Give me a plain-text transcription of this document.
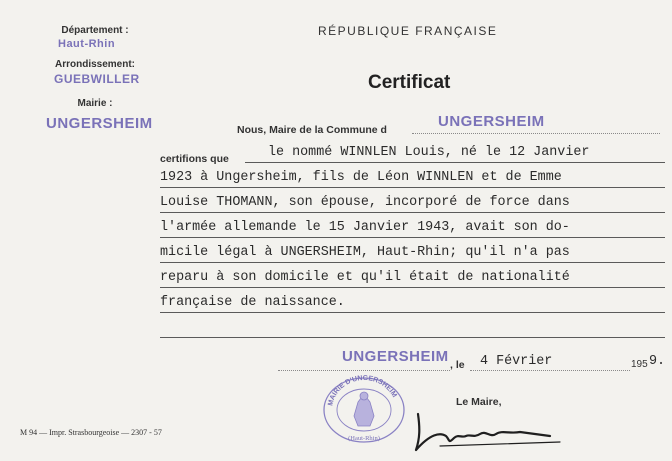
Département :
Haut-Rhin
Arrondissement:
GUEBWILLER
Mairie :
UNGERSHEIM
RÉPUBLIQUE FRANÇAISE
Certificat
Nous, Maire de la Commune d	UNGERSHEIM
certifions que	le nommé WINNLEN Louis, né le 12 Janvier
1923 à Ungersheim, fils de Léon WINNLEN et de Emme
Louise THOMANN, son épouse, incorporé de force dans
l'armée allemande le 15 Janvier 1943, avait son do-
micile légal à UNGERSHEIM, Haut-Rhin; qu'il n'a pas
reparu à son domicile et qu'il était de nationalité
française de naissance.
UNGERSHEIM , le 4 Février	195 9.
Le Maire,
MAIRIE D'UNGERSHEIM
(Haut-Rhin)
M 94 — Impr. Strasbourgeoise — 2307 - 57
